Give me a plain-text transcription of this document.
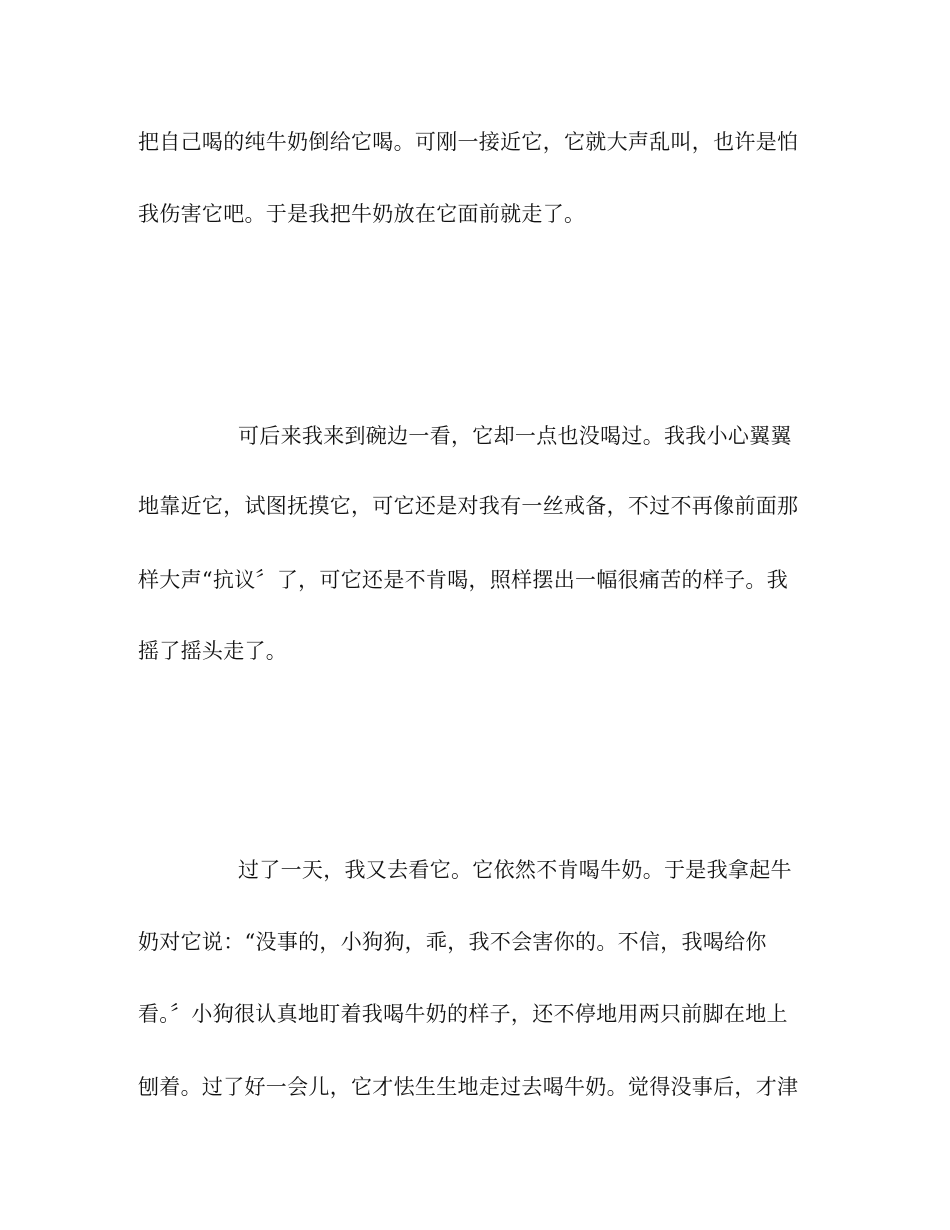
把自己喝的纯牛奶倒给它喝。可刚一接近它，它就大声乱叫，也许是怕
我伤害它吧。于是我把牛奶放在它面前就走了。
可后来我来到碗边一看，它却一点也没喝过。我我小心翼翼
地靠近它，试图抚摸它，可它还是对我有一丝戒备，不过不再像前面那
样大声“抗议〞了，可它还是不肯喝，照样摆出一幅很痛苦的样子。我
摇了摇头走了。
过了一天，我又去看它。它依然不肯喝牛奶。于是我拿起牛
奶对它说：“没事的，小狗狗，乖，我不会害你的。不信，我喝给你
看。〞小狗很认真地盯着我喝牛奶的样子，还不停地用两只前脚在地上
刨着。过了好一会儿，它才怯生生地走过去喝牛奶。觉得没事后，才津
